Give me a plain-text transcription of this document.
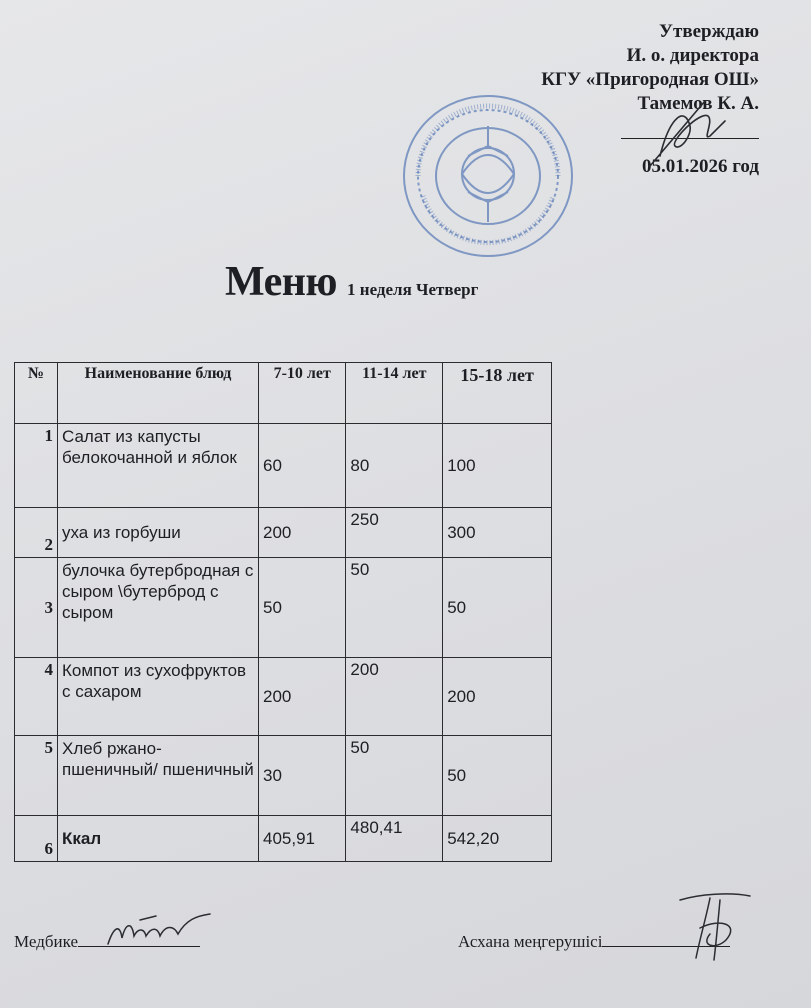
Утверждаю
И. о. директора
КГУ «Пригородная ОШ»
Тамемов К. А.
05.01.2026 год
Меню 1 неделя Четверг
№	Наименование блюд	7-10 лет	11-14 лет	15-18 лет
1	Салат из капусты белокочанной и яблок	60	80	100
2	уха из горбуши	200	250	300
3	булочка бутербродная с сыром \бутерброд с сыром	50	50	50
4	Компот из сухофруктов с сахаром	200	200	200
5	Хлеб ржано-пшеничный/ пшеничный	30	50	50
6	Ккал	405,91	480,41	542,20
Медбике	Асхана меңгерушісі
